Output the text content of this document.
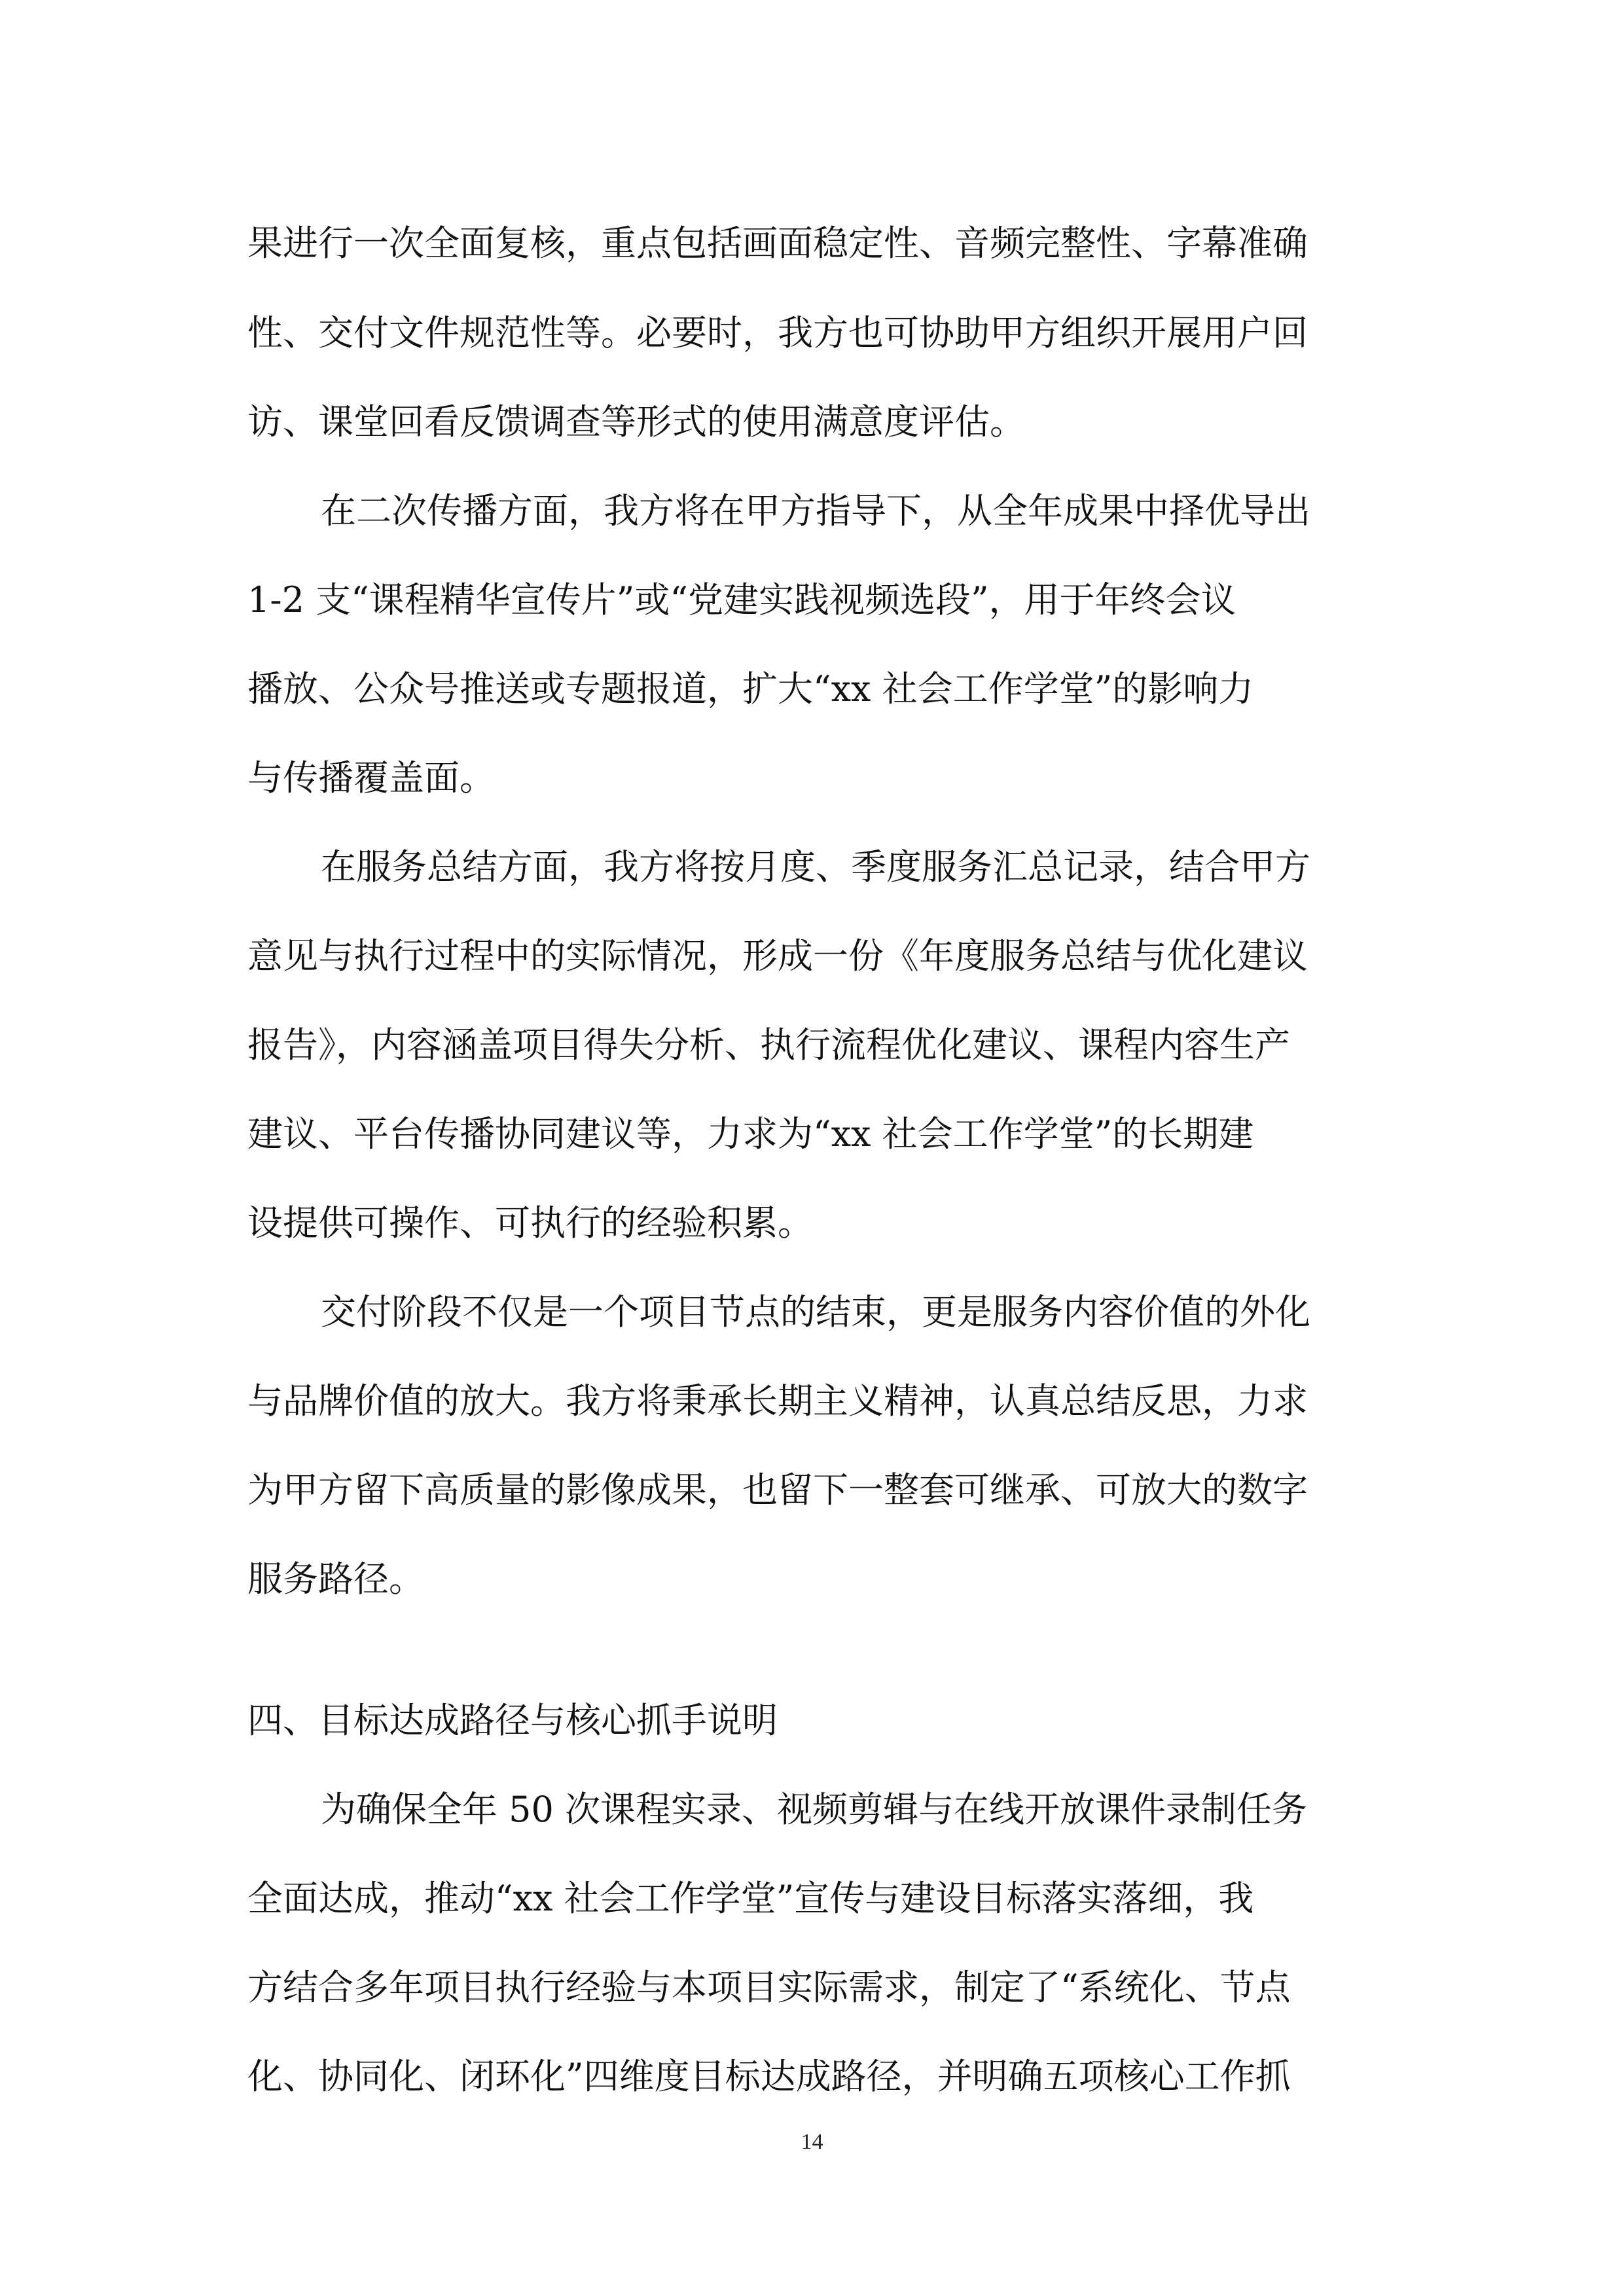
果进行一次全面复核，重点包括画面稳定性、音频完整性、字幕准确
性、交付文件规范性等。必要时，我方也可协助甲方组织开展用户回
访、课堂回看反馈调查等形式的使用满意度评估。
在二次传播方面，我方将在甲方指导下，从全年成果中择优导出
1-2 支“课程精华宣传片”或“党建实践视频选段”，用于年终会议
播放、公众号推送或专题报道，扩大“xx 社会工作学堂”的影响力
与传播覆盖面。
在服务总结方面，我方将按月度、季度服务汇总记录，结合甲方
意见与执行过程中的实际情况，形成一份《年度服务总结与优化建议
报告》，内容涵盖项目得失分析、执行流程优化建议、课程内容生产
建议、平台传播协同建议等，力求为“xx 社会工作学堂”的长期建
设提供可操作、可执行的经验积累。
交付阶段不仅是一个项目节点的结束，更是服务内容价值的外化
与品牌价值的放大。我方将秉承长期主义精神，认真总结反思，力求
为甲方留下高质量的影像成果，也留下一整套可继承、可放大的数字
服务路径。
四、目标达成路径与核心抓手说明
为确保全年 50 次课程实录、视频剪辑与在线开放课件录制任务
全面达成，推动“xx 社会工作学堂”宣传与建设目标落实落细，我
方结合多年项目执行经验与本项目实际需求，制定了“系统化、节点
化、协同化、闭环化”四维度目标达成路径，并明确五项核心工作抓
14
